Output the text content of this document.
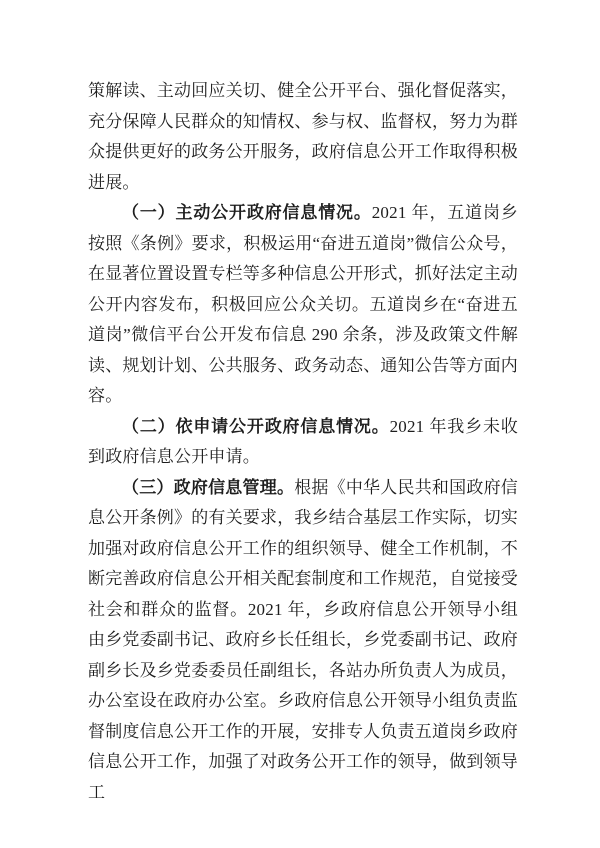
策解读、主动回应关切、健全公开平台、强化督促落实，充分保障人民群众的知情权、参与权、监督权，努力为群众提供更好的政务公开服务，政府信息公开工作取得积极进展。

（一）主动公开政府信息情况。2021 年，五道岗乡按照《条例》要求，积极运用“奋进五道岗”微信公众号，在显著位置设置专栏等多种信息公开形式，抓好法定主动公开内容发布，积极回应公众关切。五道岗乡在“奋进五道岗”微信平台公开发布信息 290 余条，涉及政策文件解读、规划计划、公共服务、政务动态、通知公告等方面内容。

（二）依申请公开政府信息情况。2021 年我乡未收到政府信息公开申请。

（三）政府信息管理。根据《中华人民共和国政府信息公开条例》的有关要求，我乡结合基层工作实际，切实加强对政府信息公开工作的组织领导、健全工作机制，不断完善政府信息公开相关配套制度和工作规范，自觉接受社会和群众的监督。2021 年，乡政府信息公开领导小组由乡党委副书记、政府乡长任组长，乡党委副书记、政府副乡长及乡党委委员任副组长，各站办所负责人为成员，办公室设在政府办公室。乡政府信息公开领导小组负责监督制度信息公开工作的开展，安排专人负责五道岗乡政府信息公开工作，加强了对政务公开工作的领导，做到领导工
